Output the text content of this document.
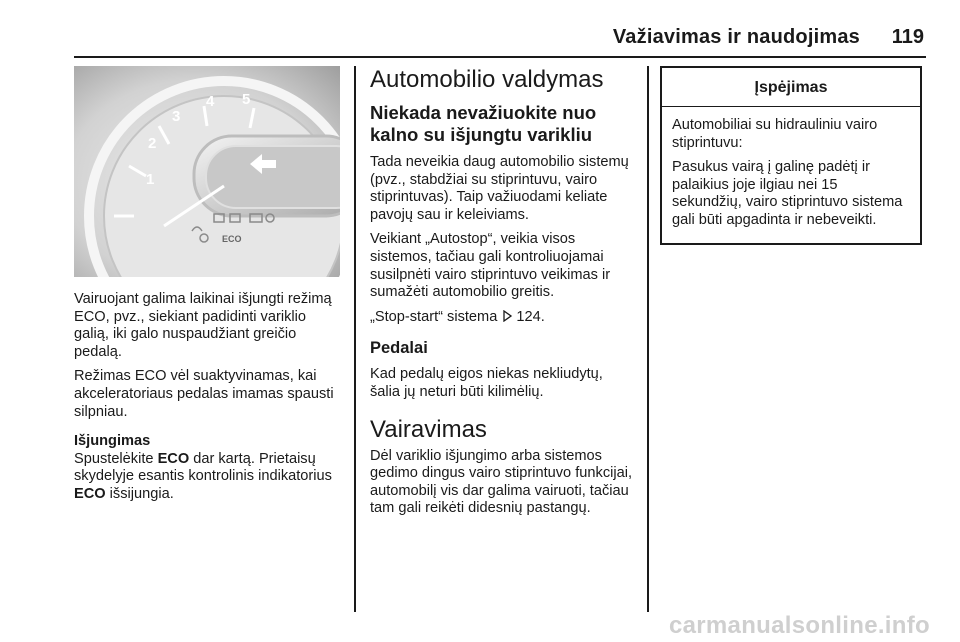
Važiavimas ir naudojimas	119
1
2
3
4 5
ECO

Vairuojant galima laikinai išjungti režimą ECO, pvz., siekiant padidinti variklio galią, iki galo nuspaudžiant greičio pedalą.

Režimas ECO vėl suaktyvinamas, kai akceleratoriaus pedalas imamas spausti silpniau.

Išjungimas

Spustelėkite ECO dar kartą. Prietaisų skydelyje esantis kontrolinis indikatorius ECO išsijungia.

Automobilio valdymas
Niekada nevažiuokite nuo kalno su išjungtu varikliu

Tada neveikia daug automobilio sistemų (pvz., stabdžiai su stiprintuvu, vairo stiprintuvas). Taip važiuodami keliate pavojų sau ir keleiviams.

Veikiant „Autostop“, veikia visos sistemos, tačiau gali kontroliuojamai susilpnėti vairo stiprintuvo veikimas ir sumažėti automobilio greitis.

„Stop-start“ sistema 124.

Pedalai

Kad pedalų eigos niekas nekliudytų, šalia jų neturi būti kilimėlių.

Vairavimas

Dėl variklio išjungimo arba sistemos gedimo dingus vairo stiprintuvo funkcijai, automobilį vis dar galima vairuoti, tačiau tam gali reikėti didesnių pastangų.

Įspėjimas

Automobiliai su hidrauliniu vairo stiprintuvu:

Pasukus vairą į galinę padėtį ir palaikius joje ilgiau nei 15 sekundžių, vairo stiprintuvo sistema gali būti apgadinta ir nebeveikti.

carmanualsonline.info
